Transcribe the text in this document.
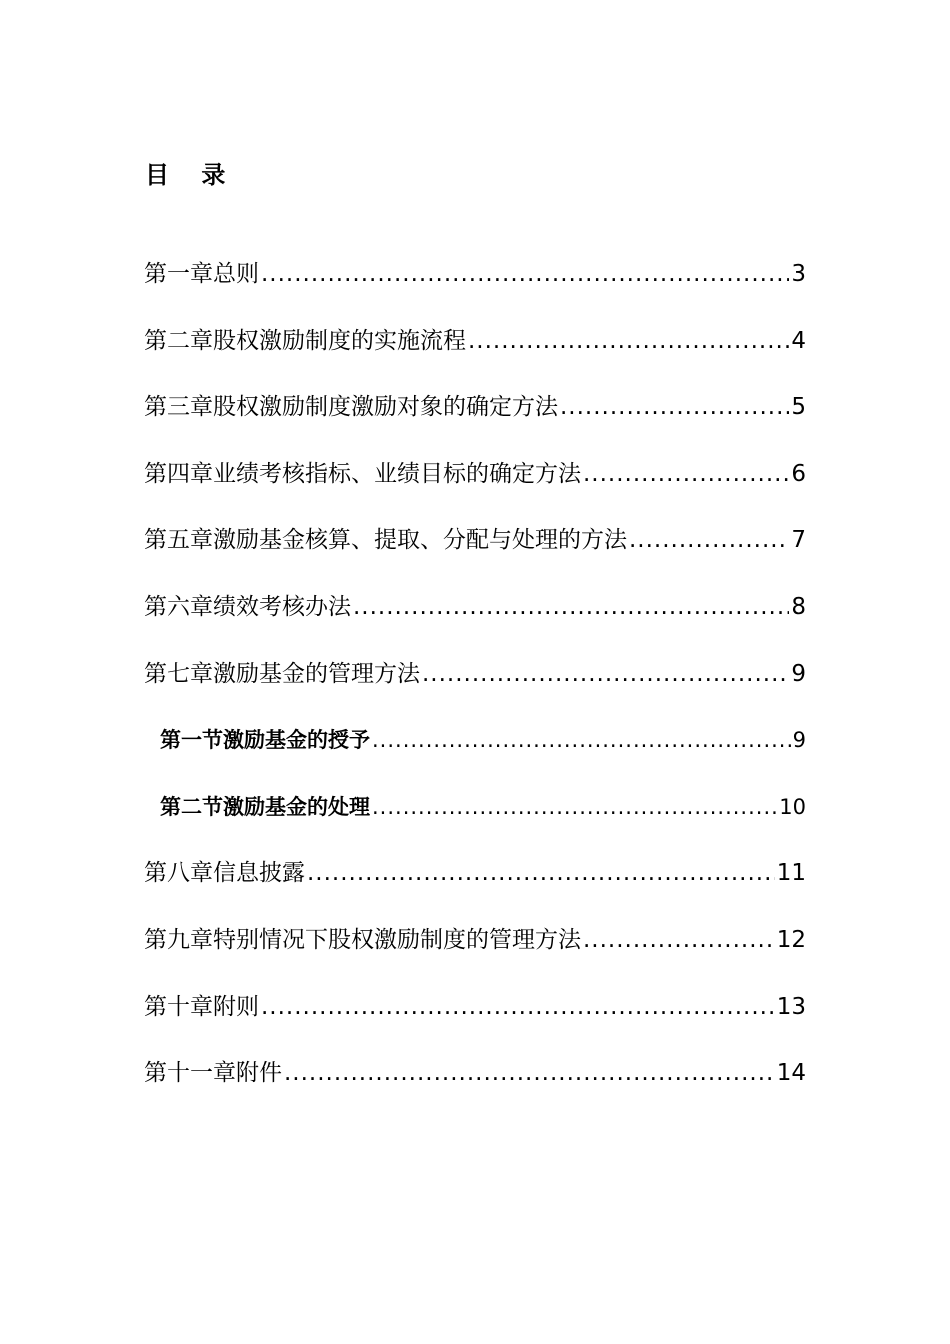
目 录
第一章总则 .....	3
第二章股权激励制度的实施流程 .....	4
第三章股权激励制度激励对象的确定方法 .....	5
第四章业绩考核指标、业绩目标的确定方法 .....	6
第五章激励基金核算、提取、分配与处理的方法 .....	7
第六章绩效考核办法 .....	8
第七章激励基金的管理方法 .....	9
第一节激励基金的授予 .....	9
第二节激励基金的处理 .....	10
第八章信息披露 .....	11
第九章特别情况下股权激励制度的管理方法 .....	12
第十章附则 .....	13
第十一章附件 .....	14
